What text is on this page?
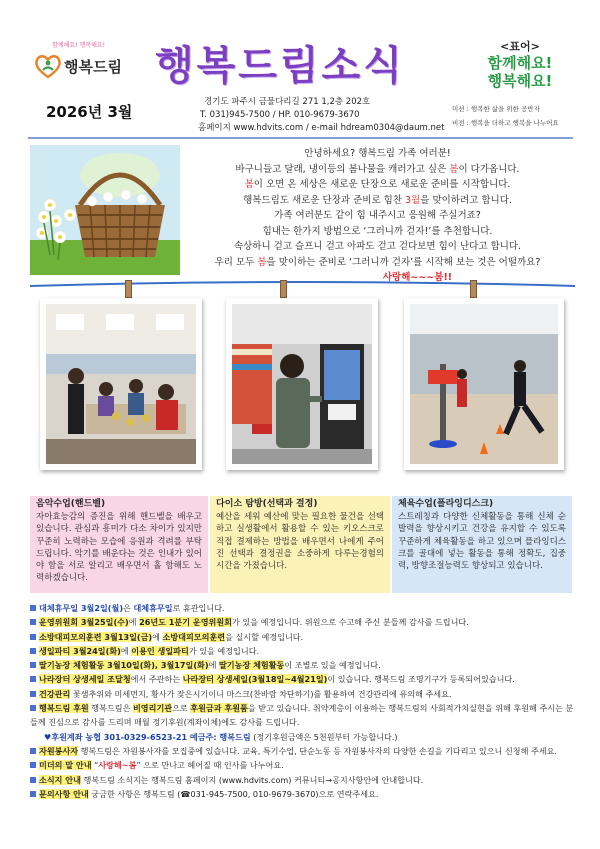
함께해요! 행복해요!
행복드림 행복드림소식
2026년 3월
경기도 파주시 금물다리길 271 1,2층 202호
T. 031)945-7500 / HP. 010-9679-3670
홈페이지 www.hdvits.com / e-mail hdream0304@daum.net
<표어>
함께해요!
행복해요!
미션 : 행복한 삶을 위한 공반자
비전 : 행복을 더하고 행복을 나누어요
안녕하세요? 행복드림 가족 여러분!
바구니들고 달래, 냉이등의 봄나물을 캐러가고 싶은 봄이 다가옵니다.
봄이 오면 온 세상은 새로운 단장으로 새로운 준비를 시작합니다.
행복드림도 새로운 단장과 준비로 힘찬 3월을 맞이하려고 합니다.
가족 여러분도 같이 힘 내주시고 응원해 주실거죠?
힘내는 한가지 방법으로 ‘그러니까 걷자!’를 추천합니다.
속상하니 걷고 슬프니 걷고 아파도 걷고 걷다보면 힘이 난다고 합니다.
우리 모두 봄을 맞이하는 준비로 ‘그러니까 걷자’를 시작해 보는 것은 어떨까요?
사랑해~~~봄!!
음악수업(핸드벨)
자아효능감의 증진을 위해 핸드벨을 배우고 있습니다. 관심과 흥미가 다소 차이가 있지만 꾸준히 노력하는 모습에 응원과 격려를 부탁드립니다. 악기를 배운다는 것은 인내가 있어야 함을 서로 알리고 배우면서 홀 함해도 노력하겠습니다.
다이소 탐방(선택과 결정)
예산을 세워 예산에 맞는 필요한 물건을 선택하고 실생활에서 활용할 수 있는 키오스크로 직접 결제하는 방법을 배우면서 나에게 주어진 선택과 결정권을 소중하게 다루는경험의 시간을 가졌습니다.
체육수업(플라잉디스크)
스트레칭과 다양한 신체활동을 통해 신체 순발력을 향상시키고 건강을 유지할 수 있도록 꾸준하게 체육활동을 하고 있으며 플라잉디스크를 골대에 넣는 활동을 통해 정확도, 집중력, 방향조절능력도 향상되고 있습니다.
대체휴무일 3월2일(월)은 대체휴무일로 휴관입니다.
운영위원회 3월25일(수)에 26년도 1분기 운영위원회가 있을 예정입니다. 위원으로 수고해 주신 분들께 감사를 드립니다.
소방대피모의훈련 3월13일(금)에 소방대피모의훈련을 실시할 예정입니다.
생일파티 3월24일(화)에 이용인 생일파티가 있을 예정입니다.
딸기농장 체험활동 3월10일(화), 3월17일(화)에 딸기농장 체험활동이 조별로 있을 예정입니다.
나라장터 상생세일 조달청에서 주관하는 나라장터 상생세일(3월18일~4월21일)이 있습니다. 행복드림 조명기구가 등록되어있습니다.
건강관리 꽃샘추위와 미세먼지, 황사가 잦은시기이니 마스크(찬바람 차단하기)를 활용하여 건강관리에 유의해 주세요.
행복드림 후원 행복드림은 비영리기관으로 후원금과 후원품을 받고 있습니다. 취약계층이 이용하는 행복드림의 사회적가치실현을 위해 후원해 주시는 분들께 진심으로 감사를 드리며 매월 정기후원(계좌이체)에도 감사를 드립니다.
♥후원계좌 농협 301-0329-6523-21 예금주: 행복드림 (정기후원금액은 5천원부터 가능합니다.)
자원봉사자 행복드림은 자원봉사자를 모집중에 있습니다. 교육, 특기수업, 단순노동 등 자원봉사자의 다양한 손길을 기다리고 있으니 신청해 주세요.
미더의 말 안내 “사랑해~봄” 으로 만나고 헤어질 때 인사를 나누어요.
소식지 안내 행복드림 소식지는 행복드림 홈페이지 (www.hdvits.com) 커뮤니티→공지사항안에 안내합니다.
문의사항 안내 궁금한 사항은 행복드림 (☎031-945-7500, 010-9679-3670)으로 연락주세요.
